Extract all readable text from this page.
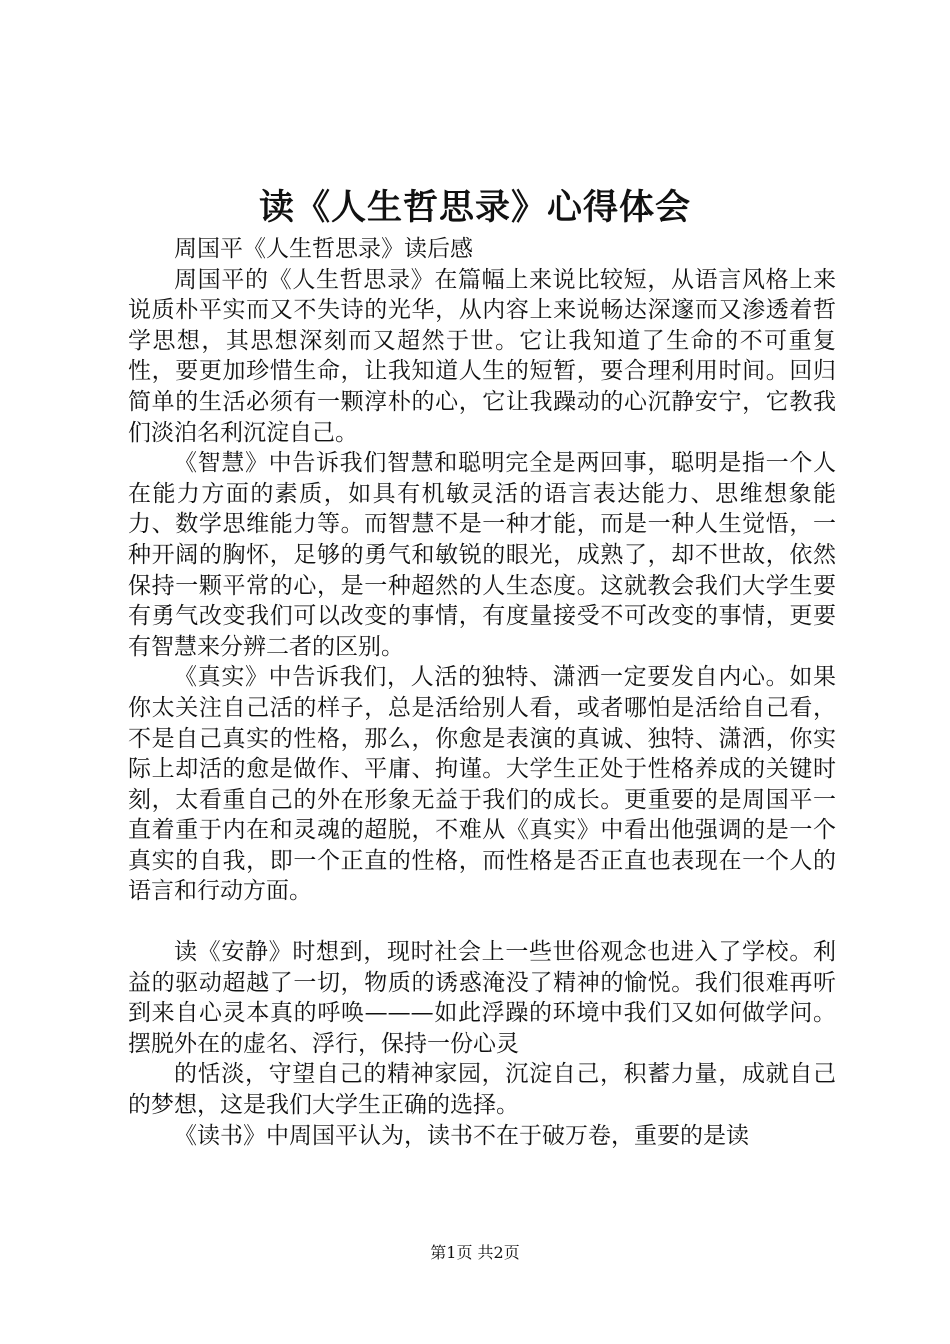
读《人生哲思录》心得体会

周国平《人生哲思录》读后感

周国平的《人生哲思录》在篇幅上来说比较短，从语言风格上来说质朴平实而又不失诗的光华，从内容上来说畅达深邃而又渗透着哲学思想，其思想深刻而又超然于世。它让我知道了生命的不可重复性，要更加珍惜生命，让我知道人生的短暂，要合理利用时间。回归简单的生活必须有一颗淳朴的心，它让我躁动的心沉静安宁，它教我们淡泊名利沉淀自己。

《智慧》中告诉我们智慧和聪明完全是两回事，聪明是指一个人在能力方面的素质，如具有机敏灵活的语言表达能力、思维想象能力、数学思维能力等。而智慧不是一种才能，而是一种人生觉悟，一种开阔的胸怀，足够的勇气和敏锐的眼光，成熟了，却不世故，依然保持一颗平常的心，是一种超然的人生态度。这就教会我们大学生要有勇气改变我们可以改变的事情，有度量接受不可改变的事情，更要有智慧来分辨二者的区别。

《真实》中告诉我们，人活的独特、潇洒一定要发自内心。如果你太关注自己活的样子，总是活给别人看，或者哪怕是活给自己看，不是自己真实的性格，那么，你愈是表演的真诚、独特、潇洒，你实际上却活的愈是做作、平庸、拘谨。大学生正处于性格养成的关键时刻，太看重自己的外在形象无益于我们的成长。更重要的是周国平一直着重于内在和灵魂的超脱，不难从《真实》中看出他强调的是一个真实的自我，即一个正直的性格，而性格是否正直也表现在一个人的语言和行动方面。

读《安静》时想到，现时社会上一些世俗观念也进入了学校。利益的驱动超越了一切，物质的诱惑淹没了精神的愉悦。我们很难再听到来自心灵本真的呼唤———如此浮躁的环境中我们又如何做学问。摆脱外在的虚名、浮行，保持一份心灵

的恬淡，守望自己的精神家园，沉淀自己，积蓄力量，成就自己的梦想，这是我们大学生正确的选择。

《读书》中周国平认为，读书不在于破万卷，重要的是读

第1页 共2页
